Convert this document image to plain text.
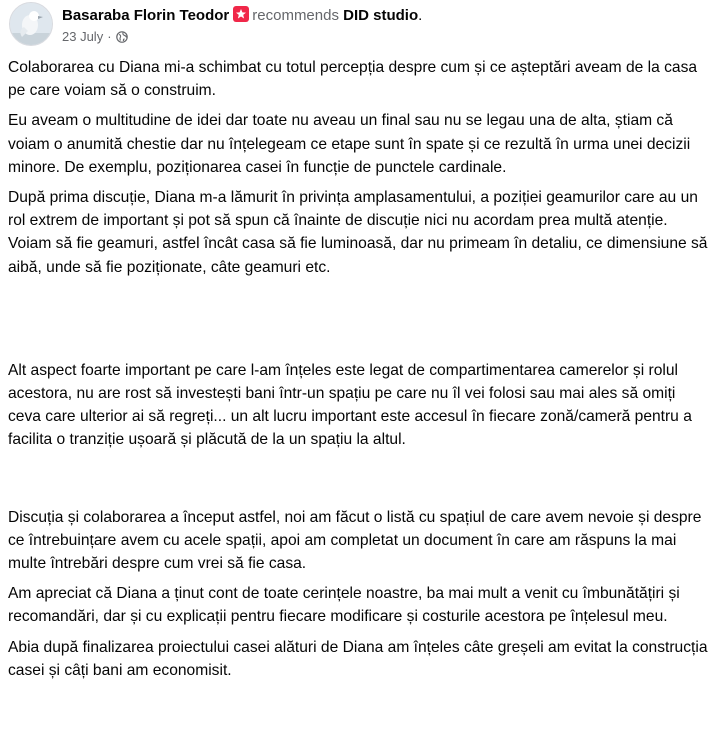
Basaraba Florin Teodor recommends DID studio.
23 July ·

Colaborarea cu Diana mi-a schimbat cu totul percepția despre cum și ce așteptări aveam de la casa pe care voiam să o construim.

Eu aveam o multitudine de idei dar toate nu aveau un final sau nu se legau una de alta, știam că voiam o anumită chestie dar nu înțelegeam ce etape sunt în spate și ce rezultă în urma unei decizii minore. De exemplu, poziționarea casei în funcție de punctele cardinale.

După prima discuție, Diana m-a lămurit în privința amplasamentului, a poziției geamurilor care au un rol extrem de important și pot să spun că înainte de discuție nici nu acordam prea multă atenție. Voiam să fie geamuri, astfel încât casa să fie luminoasă, dar nu primeam în detaliu, ce dimensiune să aibă, unde să fie poziționate, câte geamuri etc.

Alt aspect foarte important pe care l-am înțeles este legat de compartimentarea camerelor și rolul acestora, nu are rost să investești bani într-un spațiu pe care nu îl vei folosi sau mai ales să omiți ceva care ulterior ai să regreți... un alt lucru important este accesul în fiecare zonă/cameră pentru a facilita o tranziție ușoară și plăcută de la un spațiu la altul.

Discuția și colaborarea a început astfel, noi am făcut o listă cu spațiul de care avem nevoie și despre ce întrebuințare avem cu acele spații, apoi am completat un document în care am răspuns la mai multe întrebări despre cum vrei să fie casa.

Am apreciat că Diana a ținut cont de toate cerințele noastre, ba mai mult a venit cu îmbunătățiri și recomandări, dar și cu explicații pentru fiecare modificare și costurile acestora pe înțelesul meu.

Abia după finalizarea proiectului casei alături de Diana am înțeles câte greșeli am evitat la construcția casei și câți bani am economisit.
